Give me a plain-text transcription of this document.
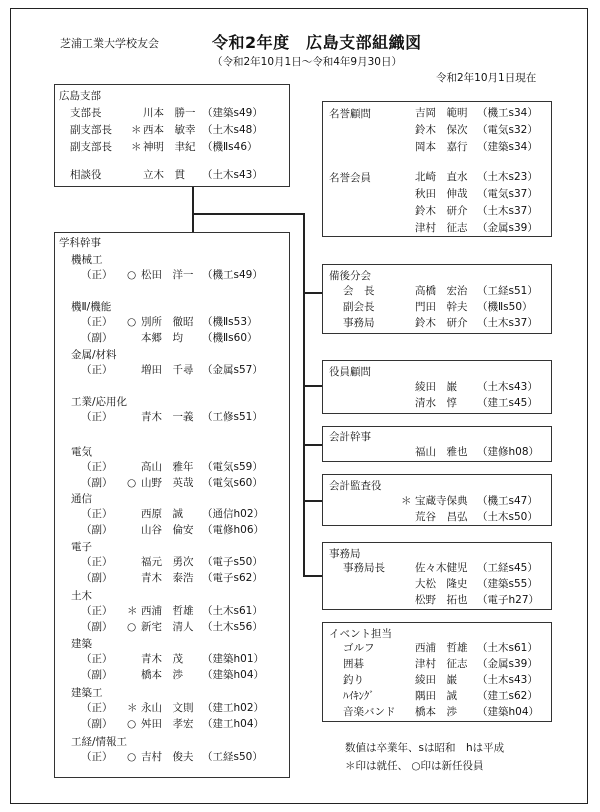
芝浦工業大学校友会	令和2年度　広島支部組織図
（令和2年10月1日～令和4年9月30日）
令和2年10月1日現在
広島支部
支部長	川本　勝一 （建築s49）
副支部長 ＊ 西本　敏幸 （土木s48）
副支部長 ＊ 神明　聿紀 （機Ⅱs46）
相談役	立木　貫 （土木s43）
学科幹事
機械工
（正） ○ 松田　洋一 （機工s49）
機Ⅱ/機能
（正） ○ 別所　徹昭 （機Ⅱs53）
（副）	本郷　均 （機Ⅱs60）
金属/材料
（正）	増田　千尋 （金属s57）
工業/応用化
（正）	青木　一義 （工修s51）
電気
（正）	高山　雅年 （電気s59）
（副） ○ 山野　英哉 （電気s60）
通信
（正）	西原　誠 （通信h02）
（副）	山谷　倫安 （電修h06）
電子
（正）	福元　勇次 （電子s50）
（副）	青木　泰浩 （電子s62）
土木
（正） ＊ 西浦　哲雄 （土木s61）
（副） ○ 新宅　清人 （土木s56）
建築
（正）	青木　茂 （建築h01）
（副）	橋本　渉 （建築h04）
建築工
（正） ＊ 永山　文則 （建工h02）
（副） ○ 舛田　孝宏 （建工h04）
工経/情報工
（正） ○ 吉村　俊夫 （工経s50）
名誉顧問	吉岡　範明 （機工s34）
鈴木　保次 （電気s32）
岡本　嘉行 （建築s34）
名誉会員	北崎　直水 （土木s23）
秋田　伸哉 （電気s37）
鈴木　研介 （土木s37）
津村　征志 （金属s39）
備後分会
会　長	高橋　宏治 （工経s51）
副会長	門田　幹夫 （機Ⅱs50）
事務局	鈴木　研介 （土木s37）
役員顧問
綾田　巌 （土木s43）
清水　惇 （建工s45）
会計幹事
福山　雅也 （建修h08）
会計監査役
＊ 宝蔵寺保典 （機工s47）
荒谷　昌弘 （土木s50）
事務局
事務局長	佐々木健児 （工経s45）
大松　隆史 （建築s55）
松野　拓也 （電子h27）
イベント担当
ゴルフ	西浦　哲雄 （土木s61）
囲碁	津村　征志 （金属s39）
釣り	綾田　巌 （土木s43）
ﾊｲｷﾝｸﾞ	隅田　誠 （建工s62）
音楽バンド 橋本　渉 （建築h04）
数値は卒業年、sは昭和　hは平成
＊印は就任、 ○印は新任役員
